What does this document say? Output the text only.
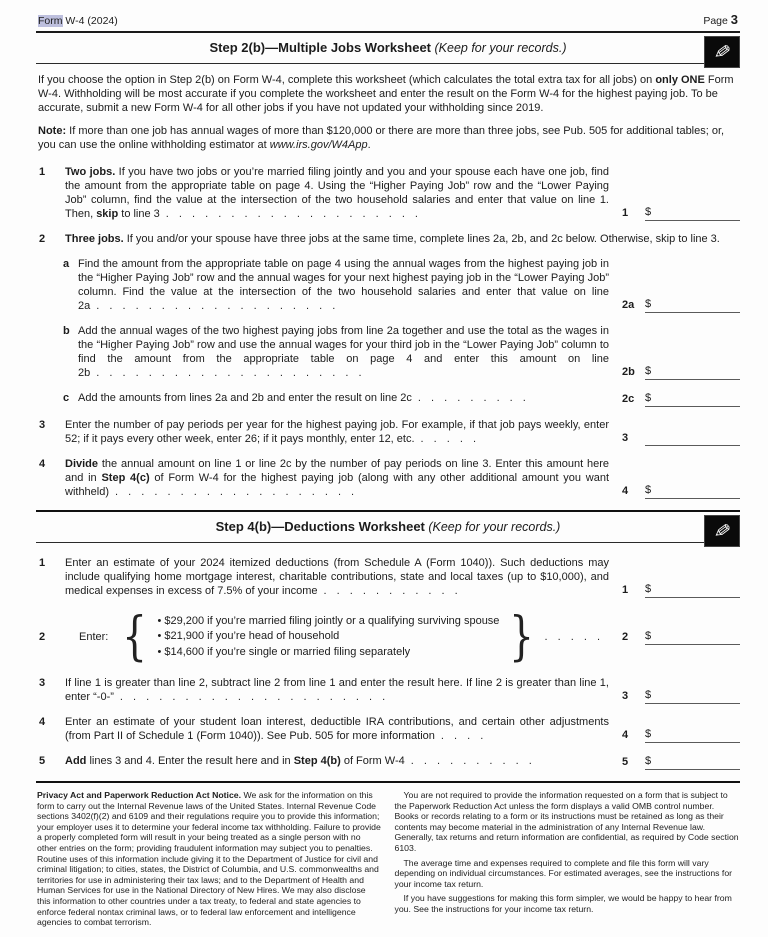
Form W-4 (2024)	Page 3
Step 2(b)—Multiple Jobs Worksheet (Keep for your records.)	✎

If you choose the option in Step 2(b) on Form W-4, complete this worksheet (which calculates the total extra tax for all jobs) on only ONE Form W-4. Withholding will be most accurate if you complete the worksheet and enter the result on the Form W-4 for the highest paying job. To be accurate, submit a new Form W-4 for all other jobs if you have not updated your withholding since 2019.

Note: If more than one job has annual wages of more than $120,000 or there are more than three jobs, see Pub. 505 for additional tables; or, you can use the online withholding estimator at www.irs.gov/W4App.

1	Two jobs. If you have two jobs or you’re married filing jointly and you and your spouse each have one job, find the amount from the appropriate table on page 4. Using the “Higher Paying Job” row and the “Lower Paying Job” column, find the value at the intersection of the two household salaries and enter that value on line 1. Then, skip to line 3 . . . . . . . . . . . . . . . . . . . .	1	$
2	Three jobs. If you and/or your spouse have three jobs at the same time, complete lines 2a, 2b, and 2c below. Otherwise, skip to line 3.
a Find the amount from the appropriate table on page 4 using the annual wages from the highest paying job in the “Higher Paying Job” row and the annual wages for your next highest paying job in the “Lower Paying Job” column. Find the value at the intersection of the two household salaries and enter that value on line 2a . . . . . . . . . . . . . . . . . . .	2a $
b Add the annual wages of the two highest paying jobs from line 2a together and use the total as the wages in the “Higher Paying Job” row and use the annual wages for your third job in the “Lower Paying Job” column to find the amount from the appropriate table on page 4 and enter this amount on line 2b . . . . . . . . . . . . . . . . . . . . .	2b $
c Add the amounts from lines 2a and 2b and enter the result on line 2c . . . . . . . . .	2c $
3	Enter the number of pay periods per year for the highest paying job. For example, if that job pays weekly, enter 52; if it pays every other week, enter 26; if it pays monthly, enter 12, etc. . . . . .	3
4	Divide the annual amount on line 1 or line 2c by the number of pay periods on line 3. Enter this amount here and in Step 4(c) of Form W-4 for the highest paying job (along with any other additional amount you want withheld) . . . . . . . . . . . . . . . . . . .	4	$
Step 4(b)—Deductions Worksheet (Keep for your records.)	✎
1	Enter an estimate of your 2024 itemized deductions (from Schedule A (Form 1040)). Such deductions may include qualifying home mortgage interest, charitable contributions, state and local taxes (up to $10,000), and medical expenses in excess of 7.5% of your income . . . . . . . . . . .	1	$
2	Enter: { • $29,200 if you’re married filing jointly or a qualifying surviving spouse
• $21,900 if you’re head of household
• $14,600 if you’re single or married filing separately	} . . . . . 2	$
3	If line 1 is greater than line 2, subtract line 2 from line 1 and enter the result here. If line 2 is greater than line 1, enter “-0-” . . . . . . . . . . . . . . . . . . . . .	3	$
4	Enter an estimate of your student loan interest, deductible IRA contributions, and certain other adjustments (from Part II of Schedule 1 (Form 1040)). See Pub. 505 for more information . . . .	4	$
5	Add lines 3 and 4. Enter the result here and in Step 4(b) of Form W-4 . . . . . . . . . .	5	$

Privacy Act and Paperwork Reduction Act Notice. We ask for the information on this form to carry out the Internal Revenue laws of the United States. Internal Revenue Code sections 3402(f)(2) and 6109 and their regulations require you to provide this information; your employer uses it to determine your federal income tax withholding. Failure to provide a properly completed form will result in your being treated as a single person with no other entries on the form; providing fraudulent information may subject you to penalties. Routine uses of this information include giving it to the Department of Justice for civil and criminal litigation; to cities, states, the District of Columbia, and U.S. commonwealths and territories for use in administering their tax laws; and to the Department of Health and Human Services for use in the National Directory of New Hires. We may also disclose this information to other countries under a tax treaty, to federal and state agencies to enforce federal nontax criminal laws, or to federal law enforcement and intelligence agencies to combat terrorism.

You are not required to provide the information requested on a form that is subject to the Paperwork Reduction Act unless the form displays a valid OMB control number. Books or records relating to a form or its instructions must be retained as long as their contents may become material in the administration of any Internal Revenue law. Generally, tax returns and return information are confidential, as required by Code section 6103.

The average time and expenses required to complete and file this form will vary depending on individual circumstances. For estimated averages, see the instructions for your income tax return.

If you have suggestions for making this form simpler, we would be happy to hear from you. See the instructions for your income tax return.
